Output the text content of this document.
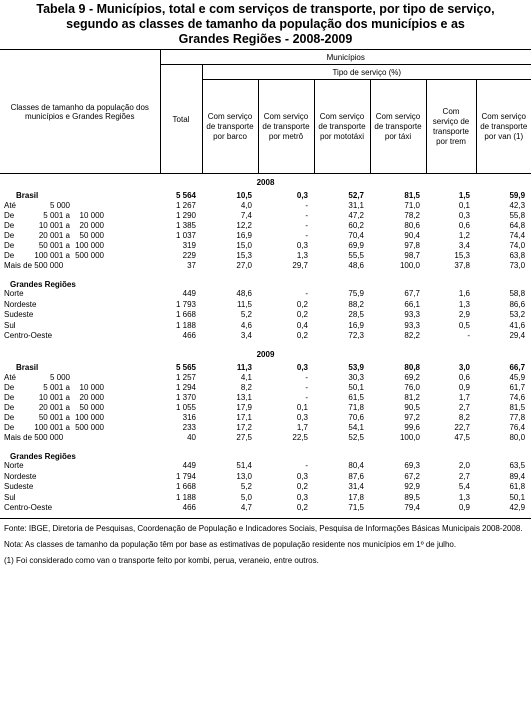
Tabela 9 - Municípios, total e com serviços de transporte, por tipo de serviço,
segundo as classes de tamanho da população dos municípios e as
Grandes Regiões - 2008-2009
Classes de tamanho da população dos municípios e Grandes Regiões	Municípios						
	Total	Tipo de serviço (%)					
		Com serviço de transporte por barco	Com serviço de transporte por metrô	Com serviço de transporte por mototáxi	Com serviço de transporte por táxi	Com serviço de transporte por trem	Com serviço de transporte por van (1)
2008							
Brasil	5 564	10,5	0,3	52,7	81,5	1,5	59,9
Até 5 000	1 267	4,0	-	31,1	71,0	0,1	42,3
De 5 001 a 10 000	1 290	7,4	-	47,2	78,2	0,3	55,8
De 10 001 a 20 000	1 385	12,2	-	60,2	80,6	0,6	64,8
De 20 001 a 50 000	1 037	16,9	-	70,4	90,4	1,2	74,4
De 50 001 a 100 000	319	15,0	0,3	69,9	97,8	3,4	74,0
De 100 001 a 500 000	229	15,3	1,3	55,5	98,7	15,3	63,8
Mais de 500 000	37	27,0	29,7	48,6	100,0	37,8	73,0
Grandes Regiões							
Norte	449	48,6	-	75,9	67,7	1,6	58,8
Nordeste	1 793	11,5	0,2	88,2	66,1	1,3	86,6
Sudeste	1 668	5,2	0,2	28,5	93,3	2,9	53,2
Sul	1 188	4,6	0,4	16,9	93,3	0,5	41,6
Centro-Oeste	466	3,4	0,2	72,3	82,2	-	29,4
2009							
Brasil	5 565	11,3	0,3	53,9	80,8	3,0	66,7
Até 5 000	1 257	4,1	-	30,3	69,2	0,6	45,9
De 5 001 a 10 000	1 294	8,2	-	50,1	76,0	0,9	61,7
De 10 001 a 20 000	1 370	13,1	-	61,5	81,2	1,7	74,6
De 20 001 a 50 000	1 055	17,9	0,1	71,8	90,5	2,7	81,5
De 50 001 a 100 000	316	17,1	0,3	70,6	97,2	8,2	77,8
De 100 001 a 500 000	233	17,2	1,7	54,1	99,6	22,7	76,4
Mais de 500 000	40	27,5	22,5	52,5	100,0	47,5	80,0
Grandes Regiões							
Norte	449	51,4	-	80,4	69,3	2,0	63,5
Nordeste	1 794	13,0	0,3	87,6	67,2	2,7	89,4
Sudeste	1 668	5,2	0,2	31,4	92,9	5,4	61,8
Sul	1 188	5,0	0,3	17,8	89,5	1,3	50,1
Centro-Oeste	466	4,7	0,2	71,5	79,4	0,9	42,9

Fonte: IBGE, Diretoria de Pesquisas, Coordenação de População e Indicadores Sociais, Pesquisa de Informações Básicas Municipais 2008-2008.

Nota: As classes de tamanho da população têm por base as estimativas de população residente nos municípios em 1º de julho.

(1) Foi considerado como van o transporte feito por kombi, perua, veraneio, entre outros.
